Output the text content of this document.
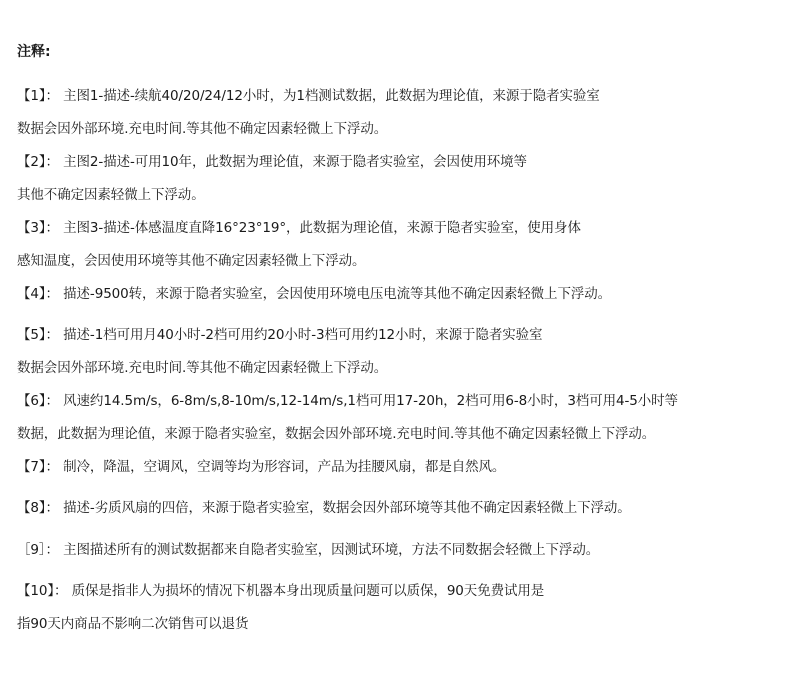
注释:
【1】： 主图1-描述-续航40/20/24/12小时，为1档测试数据，此数据为理论值，来源于隐者实验室
数据会因外部环境.充电时间.等其他不确定因素轻微上下浮动。
【2】： 主图2-描述-可用10年，此数据为理论值，来源于隐者实验室，会因使用环境等
其他不确定因素轻微上下浮动。
【3】： 主图3-描述-体感温度直降16°23°19°，此数据为理论值，来源于隐者实验室，使用身体
感知温度，会因使用环境等其他不确定因素轻微上下浮动。
【4】： 描述-9500转，来源于隐者实验室，会因使用环境电压电流等其他不确定因素轻微上下浮动。
【5】： 描述-1档可用月40小时-2档可用约20小时-3档可用约12小时，来源于隐者实验室
数据会因外部环境.充电时间.等其他不确定因素轻微上下浮动。
【6】： 风速约14.5m/s，6-8m/s,8-10m/s,12-14m/s,1档可用17-20h，2档可用6-8小时，3档可用4-5小时等
数据，此数据为理论值，来源于隐者实验室，数据会因外部环境.充电时间.等其他不确定因素轻微上下浮动。
【7】： 制冷，降温，空调风，空调等均为形容词，产品为挂腰风扇，都是自然风。
【8】： 描述-劣质风扇的四倍，来源于隐者实验室，数据会因外部环境等其他不确定因素轻微上下浮动。
［9］： 主图描述所有的测试数据都来自隐者实验室，因测试环境，方法不同数据会轻微上下浮动。
【10】： 质保是指非人为损坏的情况下机器本身出现质量问题可以质保，90天免费试用是
指90天内商品不影响二次销售可以退货
